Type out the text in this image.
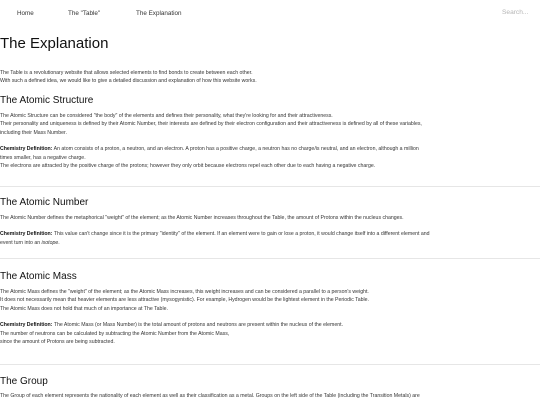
Home	The "Table"	The Explanation
Search...
The Explanation

The Table is a revolutionary website that allows selected elements to find bonds to create between each other.

With such a defined idea, we would like to give a detailed discussion and explanation of how this website works.

The Atomic Structure

The Atomic Structure can be considered "the body" of the elements and defines their personality, what they're looking for and their attractiveness.

Their personality and uniqueness is defined by their Atomic Number, their interests are defined by their electron configuration and their attractiveness is defined by all of these variables,

including their Mass Number.

Chemistry Definition: An atom consists of a proton, a neutron, and an electron. A proton has a positive charge, a neutron has no charge/is neutral, and an electron, although a million

times smaller, has a negative charge.

The electrons are attracted by the positive charge of the protons; however they only orbit because electrons repel each other due to each having a negative charge.

The Atomic Number

The Atomic Number defines the metaphorical "weight" of the element; as the Atomic Number increases throughout the Table, the amount of Protons within the nucleus changes.

Chemistry Definition: This value can't change since it is the primary "identity" of the element. If an element were to gain or lose a proton, it would change itself into a different element and

event turn into an isotope.

The Atomic Mass

The Atomic Mass defines the "weight" of the element; as the Atomic Mass increases, this weight increases and can be considered a parallel to a person's weight.

It does not necessarily mean that heavier elements are less attractive (mysogynistic). For example, Hydrogen would be the lightest element in the Periodic Table.

The Atomic Mass does not hold that much of an importance at The Table.

Chemistry Definition: The Atomic Mass (or Mass Number) is the total amount of protons and neutrons are present within the nucleus of the element.

The number of neutrons can be calculated by subtracting the Atomic Number from the Atomic Mass,

since the amount of Protons are being subtracted.

The Group

The Group of each element represents the nationality of each element as well as their classification as a metal. Groups on the left side of the Table (including the Transition Metals) are
